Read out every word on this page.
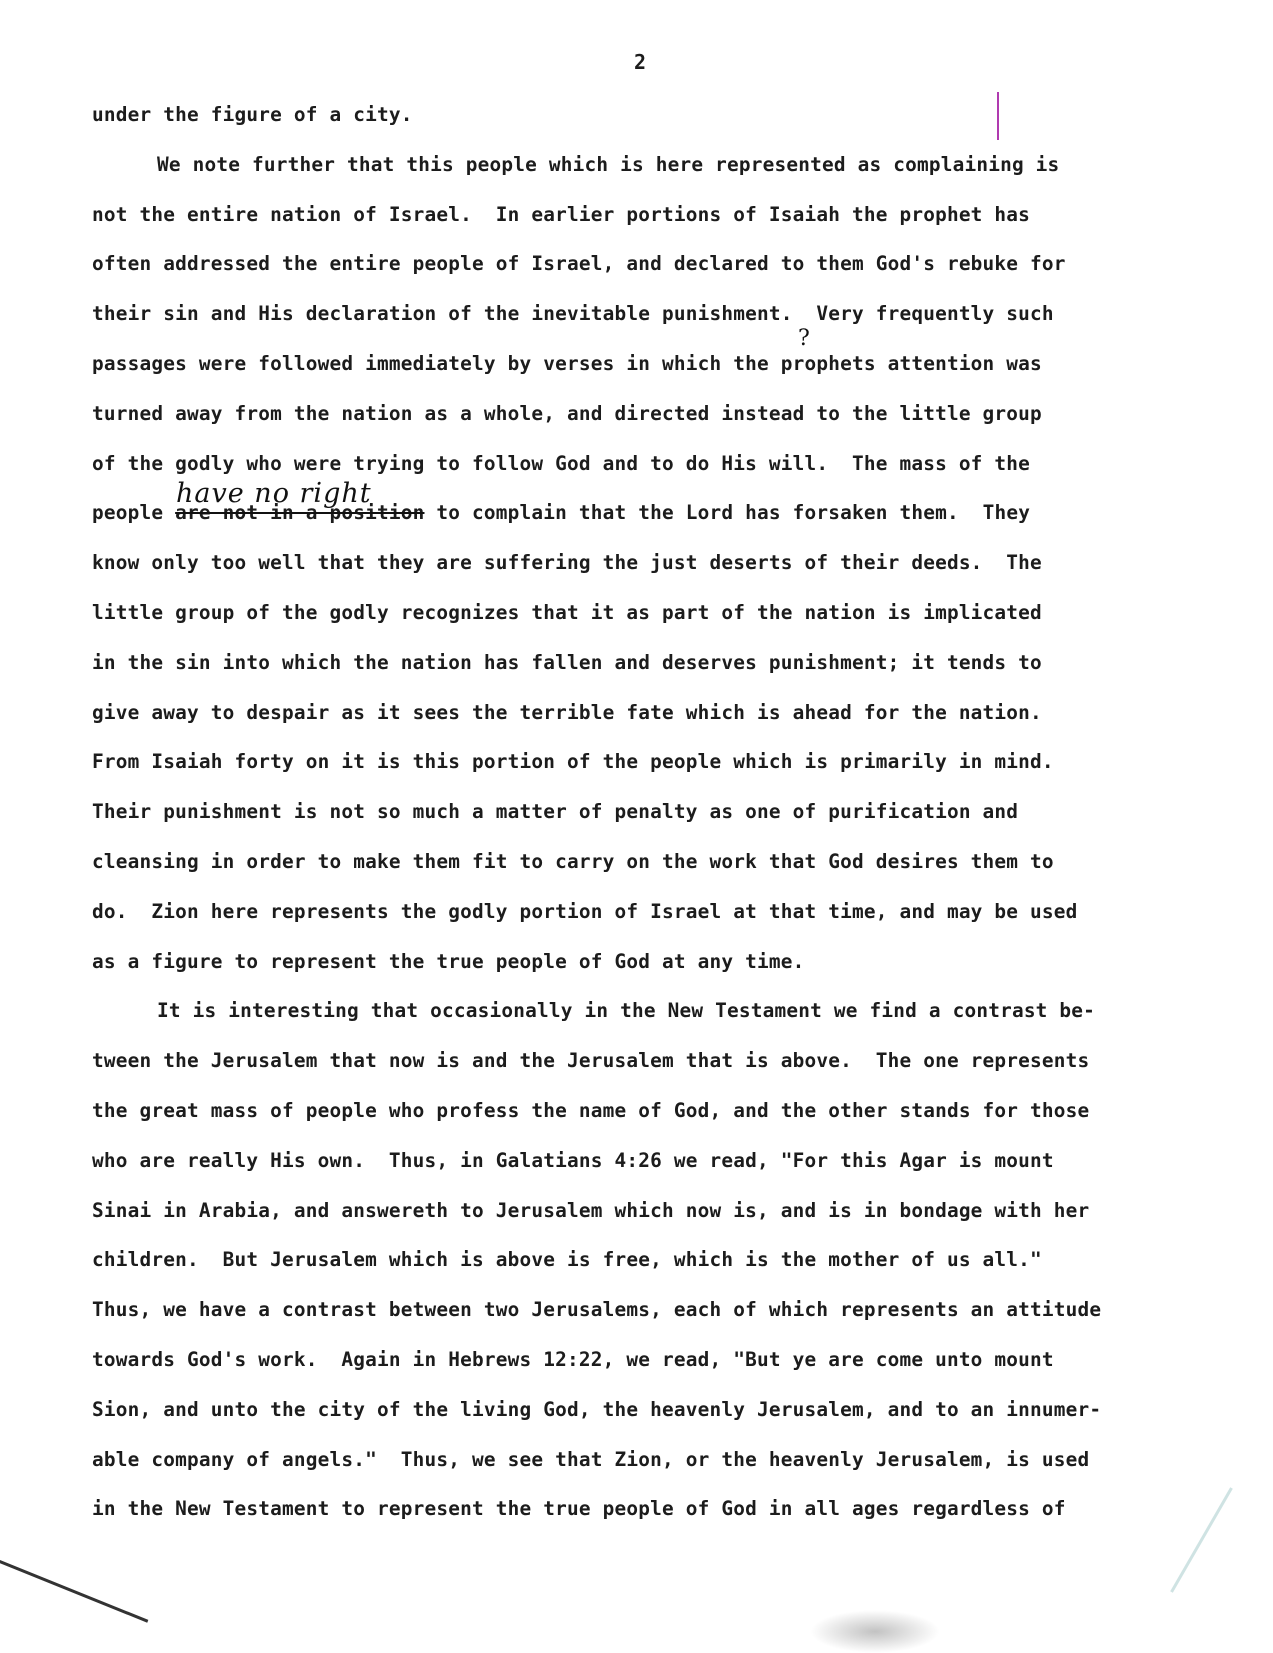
2
have no right
?
under the figure of a city.
We note further that this people which is here represented as complaining is
not the entire nation of Israel.  In earlier portions of Isaiah the prophet has
often addressed the entire people of Israel, and declared to them God's rebuke for
their sin and His declaration of the inevitable punishment.  Very frequently such
passages were followed immediately by verses in which the prophets attention was
turned away from the nation as a whole, and directed instead to the little group
of the godly who were trying to follow God and to do His will.  The mass of the
people are not in a position to complain that the Lord has forsaken them.  They
know only too well that they are suffering the just deserts of their deeds.  The
little group of the godly recognizes that it as part of the nation is implicated
in the sin into which the nation has fallen and deserves punishment; it tends to
give away to despair as it sees the terrible fate which is ahead for the nation.
From Isaiah forty on it is this portion of the people which is primarily in mind.
Their punishment is not so much a matter of penalty as one of purification and
cleansing in order to make them fit to carry on the work that God desires them to
do.  Zion here represents the godly portion of Israel at that time, and may be used
as a figure to represent the true people of God at any time.
It is interesting that occasionally in the New Testament we find a contrast be-
tween the Jerusalem that now is and the Jerusalem that is above.  The one represents
the great mass of people who profess the name of God, and the other stands for those
who are really His own.  Thus, in Galatians 4:26 we read, "For this Agar is mount
Sinai in Arabia, and answereth to Jerusalem which now is, and is in bondage with her
children.  But Jerusalem which is above is free, which is the mother of us all."
Thus, we have a contrast between two Jerusalems, each of which represents an attitude
towards God's work.  Again in Hebrews 12:22, we read, "But ye are come unto mount
Sion, and unto the city of the living God, the heavenly Jerusalem, and to an innumer-
able company of angels."  Thus, we see that Zion, or the heavenly Jerusalem, is used
in the New Testament to represent the true people of God in all ages regardless of
